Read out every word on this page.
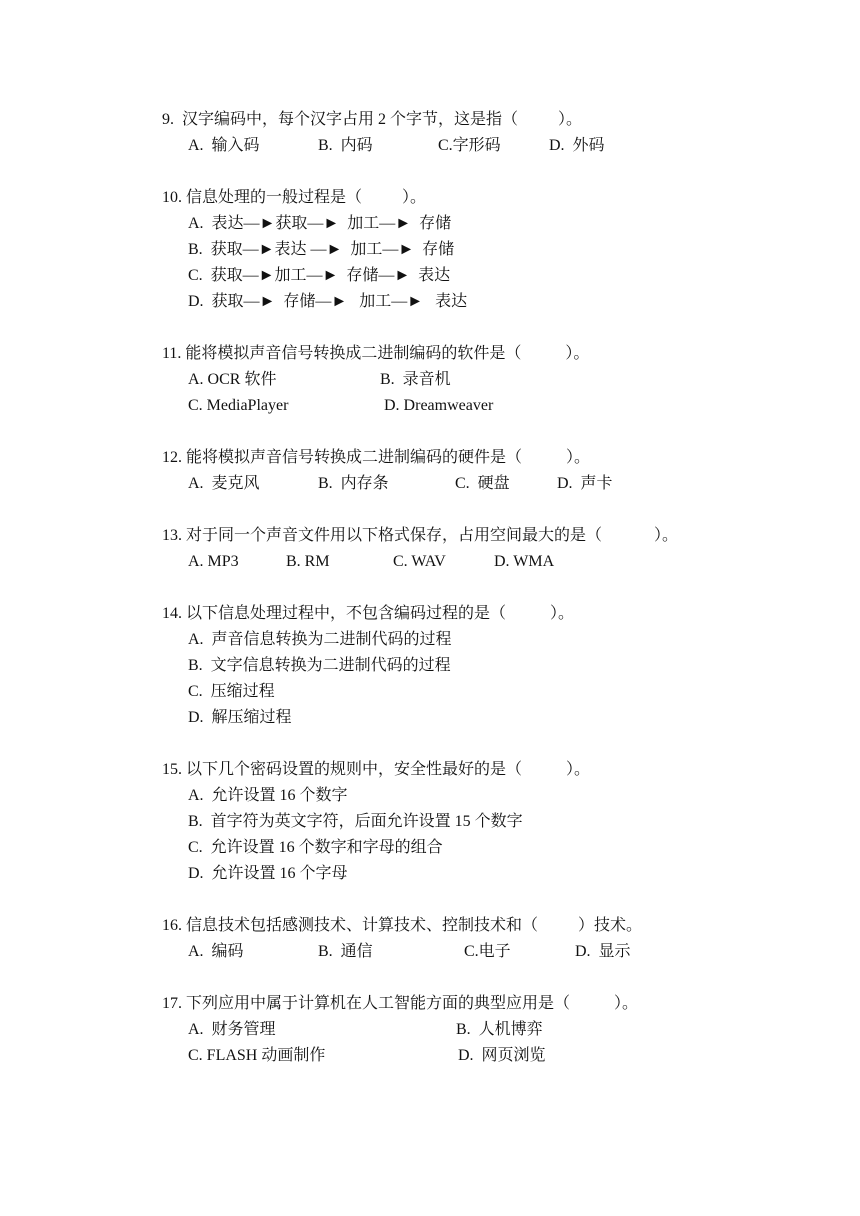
9.  汉字编码中，每个汉字占用 2 个字节，这是指（          ）。
A.  输入码	B.  内码	C.字形码	D.  外码
10. 信息处理的一般过程是（          ）。
A.  表达—►获取—►  加工—►  存储
B.  获取—►表达 —►  加工—►  存储
C.  获取—►加工—►  存储—►  表达
D.  获取—►  存储—►   加工—►   表达
11. 能将模拟声音信号转换成二进制编码的软件是（           ）。
A. OCR 软件	B.  录音机
C. MediaPlayer	D. Dreamweaver
12. 能将模拟声音信号转换成二进制编码的硬件是（           ）。
A.  麦克风	B.  内存条	C.  硬盘	D.  声卡
13. 对于同一个声音文件用以下格式保存，占用空间最大的是（             ）。
A. MP3	B. RM	C. WAV	D. WMA
14. 以下信息处理过程中，不包含编码过程的是（           ）。
A.  声音信息转换为二进制代码的过程
B.  文字信息转换为二进制代码的过程
C.  压缩过程
D.  解压缩过程
15. 以下几个密码设置的规则中，安全性最好的是（           ）。
A.  允许设置 16 个数字
B.  首字符为英文字符，后面允许设置 15 个数字
C.  允许设置 16 个数字和字母的组合
D.  允许设置 16 个字母
16. 信息技术包括感测技术、计算技术、控制技术和（          ）技术。
A.  编码	B.  通信	C.电子	D.  显示
17. 下列应用中属于计算机在人工智能方面的典型应用是（           ）。
A.  财务管理	B.  人机博弈
C. FLASH 动画制作	D.  网页浏览
